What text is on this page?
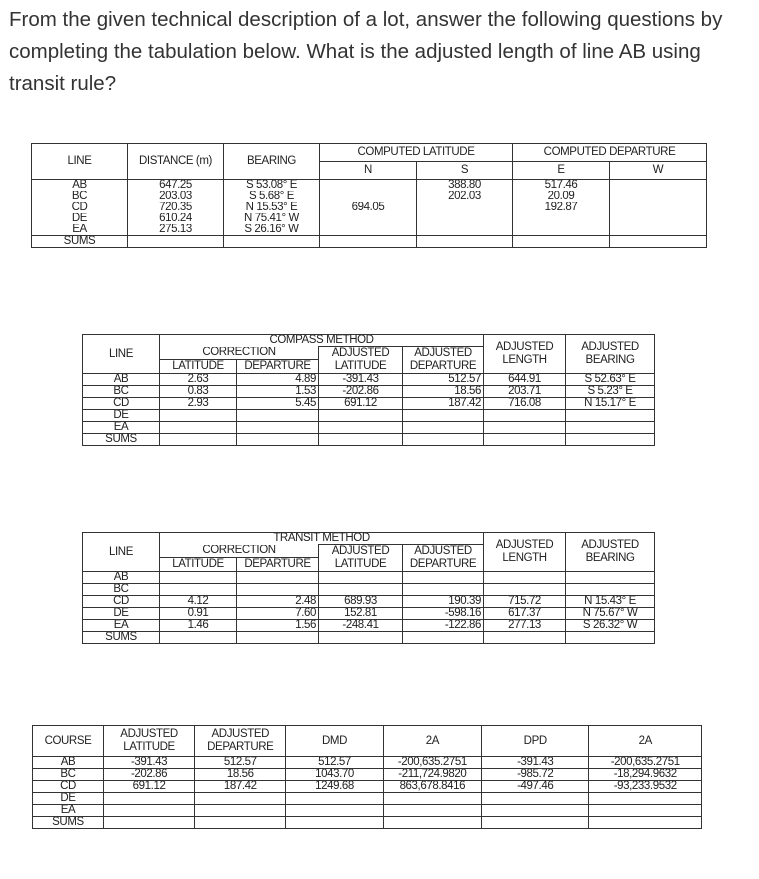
From the given technical description of a lot, answer the following questions by completing the tabulation below. What is the adjusted length of line AB using transit rule?
LINE	DISTANCE (m)	BEARING	COMPUTED LATITUDE		COMPUTED DEPARTURE	
			N	S	E	W
AB	647.25	S 53.08° E		388.80	517.46	
BC	203.03	S 5.68° E		202.03	20.09	
CD	720.35	N 15.53° E	694.05		192.87	
DE	610.24	N 75.41° W				
EA	275.13	S 26.16° W				
SUMS						
LINE	COMPASS METHOD				ADJUSTED LENGTH	ADJUSTED BEARING
	CORRECTION		ADJUSTED LATITUDE	ADJUSTED DEPARTURE		
	LATITUDE	DEPARTURE				
AB	2.63	4.89	-391.43	512.57	644.91	S 52.63° E
BC	0.83	1.53	-202.86	18.56	203.71	S 5.23° E
CD	2.93	5.45	691.12	187.42	716.08	N 15.17° E
DE						
EA						
SUMS						
LINE	TRANSIT METHOD				ADJUSTED LENGTH	ADJUSTED BEARING
	CORRECTION		ADJUSTED LATITUDE	ADJUSTED DEPARTURE		
	LATITUDE	DEPARTURE				
AB						
BC						
CD	4.12	2.48	689.93	190.39	715.72	N 15.43° E
DE	0.91	7.60	152.81	-598.16	617.37	N 75.67° W
EA	1.46	1.56	-248.41	-122.86	277.13	S 26.32° W
SUMS						
COURSE	ADJUSTED LATITUDE	ADJUSTED DEPARTURE	DMD	2A	DPD	2A
AB	-391.43	512.57	512.57	-200,635.2751	-391.43	-200,635.2751
BC	-202.86	18.56	1043.70	-211,724.9820	-985.72	-18,294.9632
CD	691.12	187.42	1249.68	863,678.8416	-497.46	-93,233.9532
DE						
EA						
SUMS						
